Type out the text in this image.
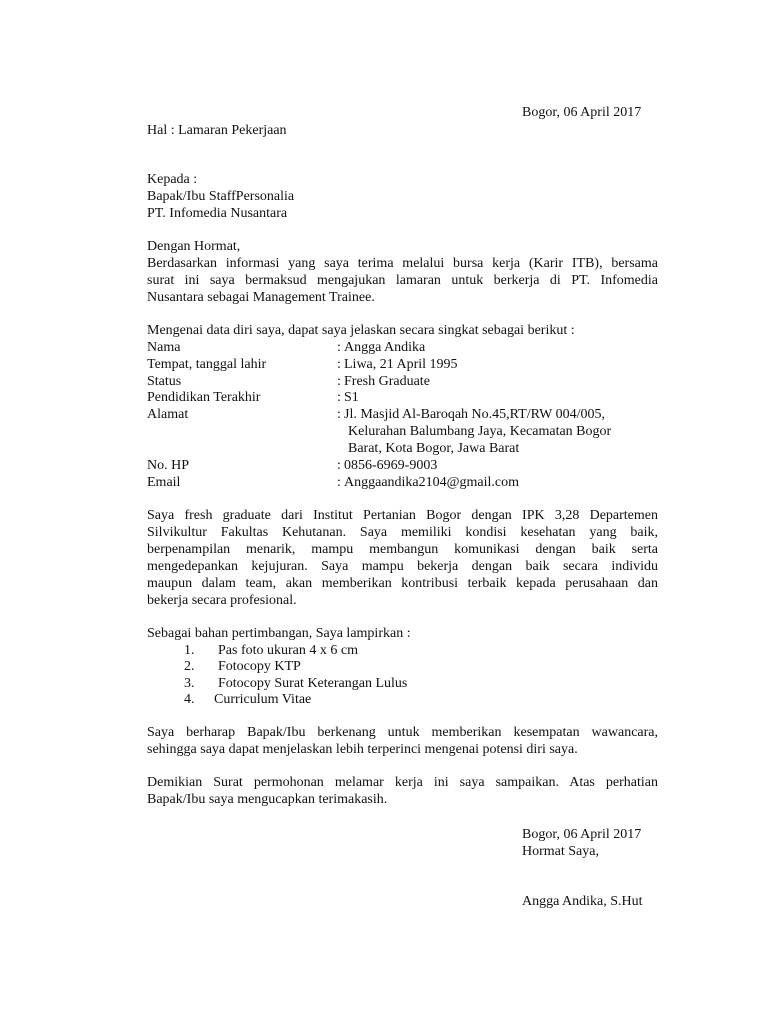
Bogor, 06 April 2017
Hal : Lamaran Pekerjaan
Kepada :
Bapak/Ibu StaffPersonalia
PT. Infomedia Nusantara
Dengan Hormat,
Berdasarkan informasi yang saya terima melalui bursa kerja (Karir ITB), bersama
surat ini saya bermaksud mengajukan lamaran untuk berkerja di PT. Infomedia
Nusantara sebagai Management Trainee.
Mengenai data diri saya, dapat saya jelaskan secara singkat sebagai berikut :
Nama	: Angga Andika
Tempat, tanggal lahir	: Liwa, 21 April 1995
Status	: Fresh Graduate
Pendidikan Terakhir	: S1
Alamat	: Jl. Masjid Al-Baroqah No.45,RT/RW 004/005,
Kelurahan Balumbang Jaya, Kecamatan Bogor
Barat, Kota Bogor, Jawa Barat
No. HP	: 0856-6969-9003
Email	: Anggaandika2104@gmail.com
Saya fresh graduate dari Institut Pertanian Bogor dengan IPK 3,28 Departemen
Silvikultur Fakultas Kehutanan. Saya memiliki kondisi kesehatan yang baik,
berpenampilan menarik, mampu membangun komunikasi dengan baik serta
mengedepankan kejujuran. Saya mampu bekerja dengan baik secara individu
maupun dalam team, akan memberikan kontribusi terbaik kepada perusahaan dan
bekerja secara profesional.
Sebagai bahan pertimbangan, Saya lampirkan :
1. Pas foto ukuran 4 x 6 cm
2. Fotocopy KTP
3. Fotocopy Surat Keterangan Lulus
4. Curriculum Vitae
Saya berharap Bapak/Ibu berkenang untuk memberikan kesempatan wawancara,
sehingga saya dapat menjelaskan lebih terperinci mengenai potensi diri saya.
Demikian Surat permohonan melamar kerja ini saya sampaikan. Atas perhatian
Bapak/Ibu saya mengucapkan terimakasih.
Bogor, 06 April 2017
Hormat Saya,
Angga Andika, S.Hut
